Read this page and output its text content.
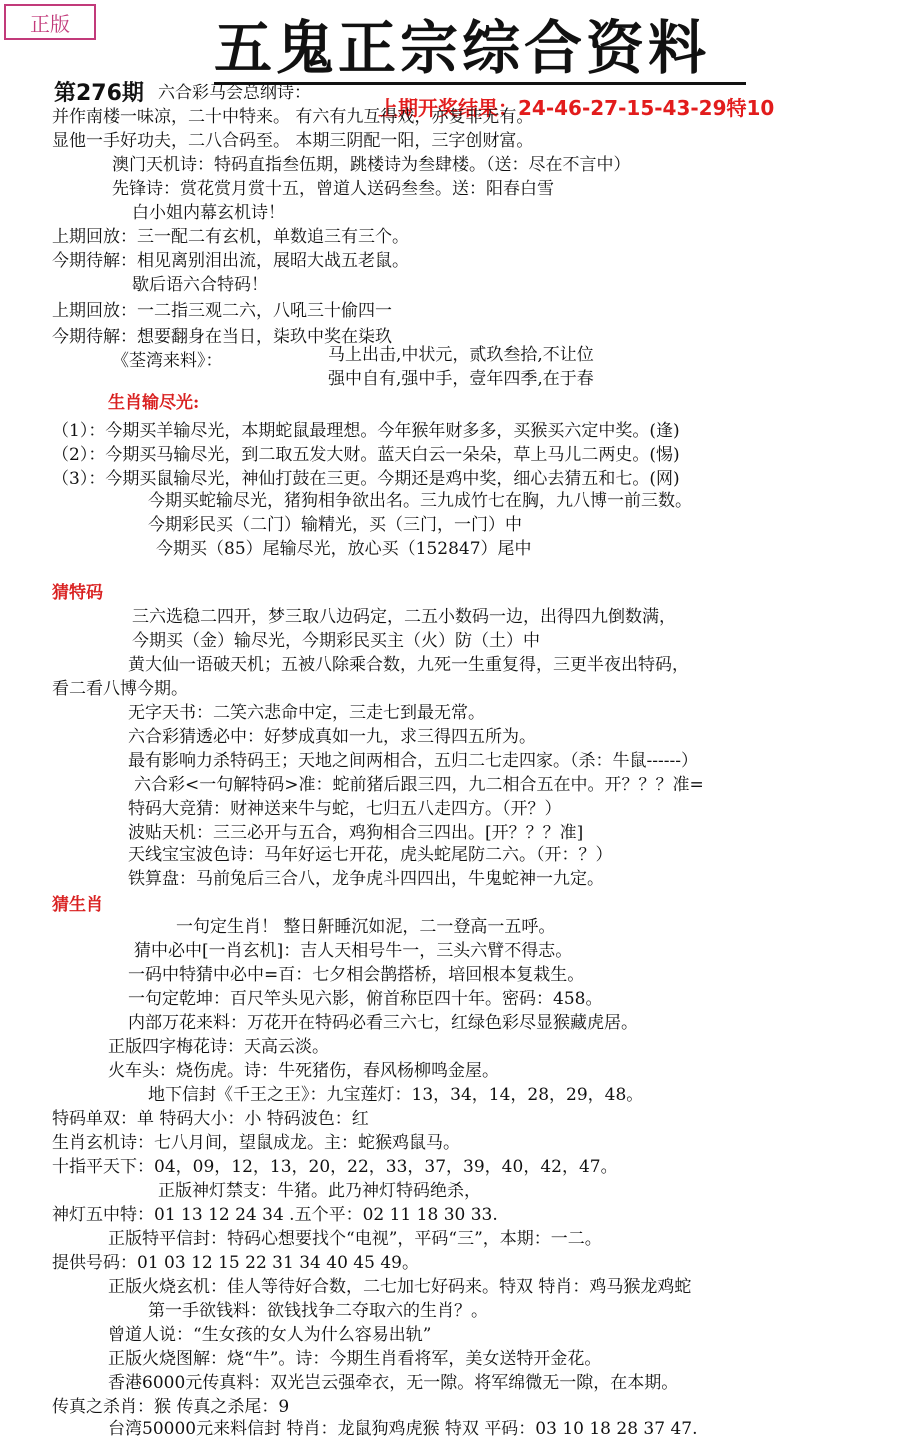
正版	五鬼正宗综合资料
第276期
上期开奖结果：24-46-27-15-43-29特10
六合彩马会总纲诗：
并作南楼一味凉，二十中特来。 有六有九互得戏，亦复非无有。
显他一手好功夫，二八合码至。 本期三阴配一阳，三字创财富。
澳门天机诗：特码直指叁伍期，跳楼诗为叁肆楼。（送：尽在不言中）
先锋诗：赏花赏月赏十五，曾道人送码叁叁。送：阳春白雪
白小姐内幕玄机诗！
上期回放：三一配二有玄机，单数追三有三个。
今期待解：相见离别泪出流，展昭大战五老鼠。
歇后语六合特码！
上期回放：一二指三观二六，八吼三十偷四一
今期待解：想要翻身在当日，柒玖中奖在柒玖
《荃湾来料》：	马上出击,中状元，贰玖叁拾,不让位
强中自有,强中手，壹年四季,在于春
（1）：今期买羊输尽光，本期蛇鼠最理想。今年猴年财多多，买猴买六定中奖。(逢)
（2）：今期买马输尽光，到二取五发大财。蓝天白云一朵朵，草上马儿二两史。(惕)
（3）：今期买鼠输尽光，神仙打鼓在三更。今期还是鸡中奖，细心去猜五和七。(网)
今期买蛇输尽光，猪狗相争欲出名。三九成竹七在胸，九八博一前三数。
今期彩民买（二门）输精光，买（三门，一门）中
今期买（85）尾输尽光，放心买（152847）尾中
三六选稳二四开，梦三取八边码定，二五小数码一边，出得四九倒数满，
今期买（金）输尽光，今期彩民买主（火）防（土）中
黄大仙一语破天机；五被八除乘合数，九死一生重复得，三更半夜出特码，
看二看八博今期。
无字天书：二笑六悲命中定，三走七到最无常。
六合彩猜透必中：好梦成真如一九，求三得四五所为。
最有影响力杀特码王；天地之间两相合，五归二七走四家。（杀：牛鼠------）
六合彩<一句解特码>准：蛇前猪后跟三四，九二相合五在中。开？？？准=
特码大竞猜：财神送来牛与蛇，七归五八走四方。（开？）
波贴天机：三三必开与五合，鸡狗相合三四出。[开？？？准]
天线宝宝波色诗：马年好运七开花，虎头蛇尾防二六。（开：？）
铁算盘：马前兔后三合八，龙争虎斗四四出，牛鬼蛇神一九定。
一句定生肖！ 整日鼾睡沉如泥，二一登高一五呼。
猜中必中[一肖玄机]：吉人天相号牛一，三头六臂不得志。
一码中特猜中必中=百：七夕相会鹊搭桥，培回根本复栽生。
一句定乾坤：百尺竿头见六影，俯首称臣四十年。密码：458。
内部万花来料：万花开在特码必看三六七，红绿色彩尽显猴藏虎居。
正版四字梅花诗：天高云淡。
火车头：烧伤虎。诗：牛死猪伤，春风杨柳鸣金屋。
地下信封《千王之王》：九宝莲灯：13，34，14，28，29，48。
特码单双：单 特码大小：小 特码波色：红
生肖玄机诗：七八月间，望鼠成龙。主：蛇猴鸡鼠马。
十指平天下：04，09，12，13，20，22，33，37，39，40，42，47。
正版神灯禁支：牛猪。此乃神灯特码绝杀，
神灯五中特：01 13 12 24 34 .五个平：02 11 18 30 33.
正版特平信封：特码心想要找个“电视”，平码“三”，本期：一二。
提供号码：01 03 12 15 22 31 34 40 45 49。
正版火烧玄机：佳人等待好合数，二七加七好码来。特双 特肖：鸡马猴龙鸡蛇
第一手欲钱料：欲钱找争二夺取六的生肖？。
曾道人说：“生女孩的女人为什么容易出轨”
正版火烧图解：烧“牛”。诗：今期生肖看将军，美女送特开金花。
香港6000元传真料：双光岂云强牵衣，无一隙。将军绵微无一隙，在本期。
传真之杀肖：猴 传真之杀尾：9
台湾50000元来料信封 特肖：龙鼠狗鸡虎猴 特双 平码：03 10 18 28 37 47.
生肖输尽光:
猜特码
猜生肖
